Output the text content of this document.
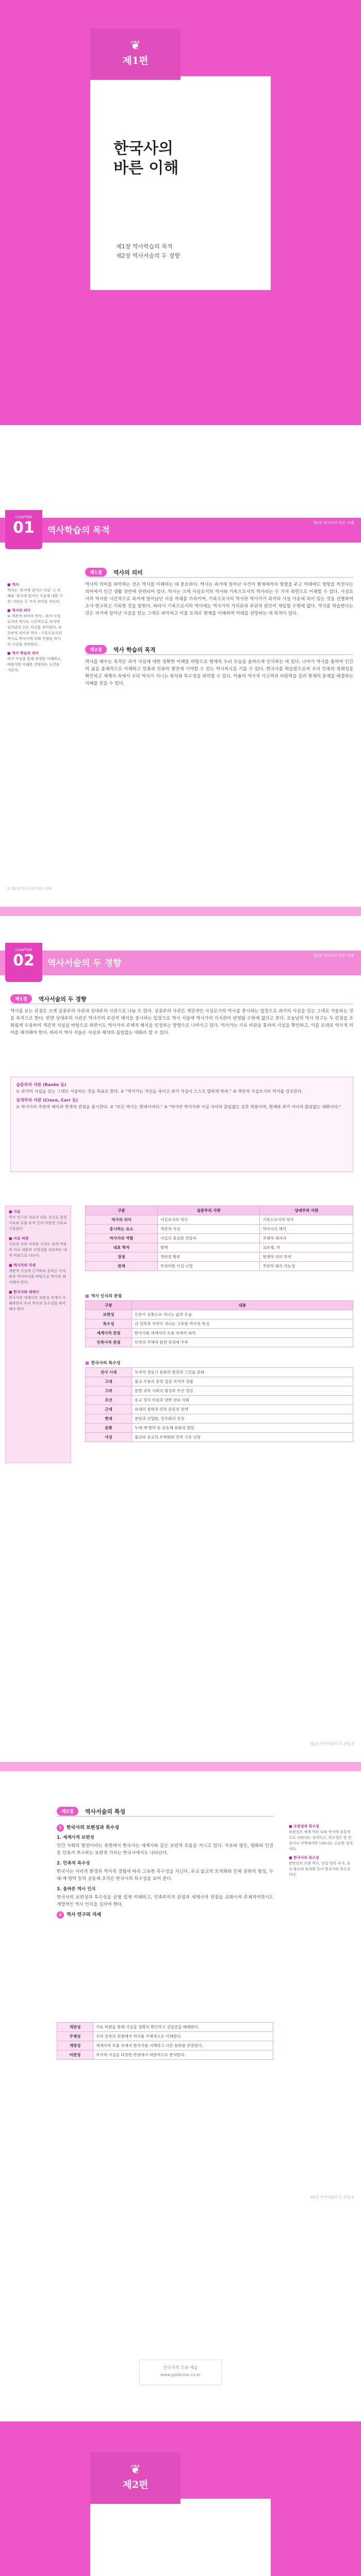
❦
제1편
한국사의
바른 이해
제1장 역사학습의 목적
제2장 역사서술의 두 경향
CHAPTER
01	역사학습의 목적
제1편 한국사의 바른 이해
■ 역사
역사는 '과거에 일어난 사실' 그 자체와 '과거에 일어난 사실에 대한 기록' 이라는 두 가지 의미를 지닌다.
■ 역사의 의미
① 객관적 의미의 역사 : 과거 사실로서의 역사로 시간적으로 과거에 일어났던 모든 사건을 의미한다. ② 주관적 의미의 역사 : 기록으로서의 역사로 역사가에 의해 선정된 과거의 사건을 의미한다.
■ 역사 학습의 의미
과거 사실을 통해 현재를 이해하고, 바람직한 미래를 전망하는 능력을 기른다.
제1절 역사의 의미

역사의 의미를 파악하는 것은 역사를 이해하는 데 중요하다. 역사는 과거에 일어난 사건이 현재에까지 영향을 주고 미래에도 영향을 끼친다는 의미에서 인간 생활 전반에 관련되어 있다. 역사는 크게 사실로서의 역사와 기록으로서의 역사라는 두 가지 측면으로 이해할 수 있다. 사실로서의 역사란 시간적으로 과거에 일어났던 사실 자체를 가리키며, 기록으로서의 역사란 역사가가 과거의 사실 가운데 의미 있는 것을 선별하여 조사·연구하고 기록한 것을 말한다. 따라서 기록으로서의 역사에는 역사가의 가치관과 주관적 판단이 개입될 수밖에 없다. 역사를 학습한다는 것은 과거에 일어난 사실을 있는 그대로 파악하고 이를 토대로 현재를 이해하며 미래를 전망하는 데 목적이 있다.

제2절 역사 학습의 목적

역사를 배우는 목적은 과거 사실에 대한 정확한 이해를 바탕으로 현재의 우리 모습을 올바르게 인식하는 데 있다. 나아가 역사를 통하여 인간의 삶을 총체적으로 이해하고 민족과 인류의 발전에 기여할 수 있는 역사의식을 기를 수 있다. 한국사를 학습함으로써 우리 민족의 정체성을 확인하고 세계사 속에서 우리 역사가 지니는 위치와 특수성을 파악할 수 있다. 아울러 역사적 사고력과 비판력을 길러 현재의 문제를 해결하는 지혜를 얻을 수 있다.

2 제1편 한국사의 바른 이해
CHAPTER
02	역사서술의 두 경향
제1편 한국사의 바른 이해
제1절 역사서술의 두 경향

역사를 보는 관점은 크게 실증주의 사관과 상대주의 사관으로 나눌 수 있다. 실증주의 사관은 객관적인 사실로서의 역사를 중시하는 입장으로 과거의 사실을 있는 그대로 서술하는 것을 목적으로 한다. 반면 상대주의 사관은 역사가의 주관적 해석을 중시하는 입장으로 역사 서술에 역사가의 가치관이 반영될 수밖에 없다고 본다. 오늘날의 역사 연구는 두 관점을 조화롭게 수용하여 객관적 사실을 바탕으로 하면서도 역사가의 주체적 해석을 인정하는 방향으로 나아가고 있다. 역사가는 사료 비판을 통하여 사실을 확인하고, 이를 토대로 역사적 의미를 해석해야 한다. 따라서 역사 서술은 사실과 해석의 끊임없는 대화라 할 수 있다.

실증주의 사관 (Ranke 등)
① 과거의 사실을 있는 그대로 서술하는 것을 목표로 한다. ② "역사가는 자신을 죽이고 과거 사실이 스스로 말하게 하라." ③ 객관적 사실로서의 역사를 강조한다.
상대주의 사관 (Croce, Carr 등)
① 역사가의 주관적 해석과 현재적 관점을 중시한다. ② "모든 역사는 현대사이다." ③ "역사란 역사가와 사실 사이의 끊임없는 상호 작용이며, 현재와 과거 사이의 끊임없는 대화이다."
■ 사료
역사 연구의 자료가 되는 것으로 문헌 사료와 유물·유적 등의 비문헌 사료로 구분된다.
■ 사료 비판
사료의 진위 여부를 가리는 외적 비판과 사료 내용의 신빙성을 검토하는 내적 비판으로 나눈다.
■ 역사가의 자세
객관적 사실에 근거하되 올바른 가치관과 역사의식을 바탕으로 역사를 해석해야 한다.
■ 한국사와 세계사
한국사를 세계사의 보편성 속에서 이해하면서 우리 역사의 특수성을 파악해야 한다.
구분	실증주의 사관	상대주의 사관
역사의 의미	사실로서의 역사	기록으로서의 역사
중시하는 요소	객관적 사실	역사가의 해석
역사가의 역할	사실의 충실한 전달자	주체적 해석자
대표 학자	랑케	크로체, 카
장점	객관성 확보	현재적 의미 부여
한계	무의미한 사실 나열	주관적 왜곡 가능성
■ 역사 인식의 관점
구분	내용
보편성	인류가 공통으로 지니는 삶의 모습
특수성	각 민족과 지역이 지니는 고유한 역사적 특성
세계사적 관점	한국사를 세계사의 흐름 속에서 파악
민족사적 관점	민족의 주체적 발전 과정에 주목
■ 한국사의 특수성
선사 시대	독자적 청동기 문화의 발전과 고인돌 문화
고대	불교 수용과 중앙 집권 국가의 성립
고려	문벌 귀족 사회의 형성과 무신 정권
조선	유교 정치 이념과 양반 관료 사회
근대	외세의 침략과 민족 운동의 전개
현대	분단과 산업화, 민주화의 진전
문화	두레·계·향약 등 공동체 문화의 발달
사상	불교와 유교의 토착화와 민족 고유 신앙
제2장 역사서술의 두 경향 3
제2절 역사서술의 특성
1 한국사의 보편성과 특수성
1. 세계사적 보편성

인간 사회의 발전이라는 측면에서 한국사는 세계사와 같은 보편적 흐름을 지니고 있다. 자유와 평등, 평화와 인권 등 인류가 추구하는 보편적 가치는 한국사에서도 나타난다.

2. 민족적 특수성

한국사는 지리적 환경과 역사적 경험에 따라 고유한 특수성을 지닌다. 유교·불교의 토착화와 민족 문화의 형성, 두레·계·향약 등의 공동체 조직은 한국사의 특수성을 보여 준다.

3. 올바른 역사 인식

한국사의 보편성과 특수성을 균형 있게 이해하고, 민족주의적 관점과 세계사적 관점을 조화시켜 주체적이면서도 개방적인 역사 인식을 길러야 한다.

2 역사 연구의 자세
객관성	사료 비판을 통해 사실을 정확히 확인하고 선입견을 배제한다.
주체성	우리 민족의 관점에서 역사를 주체적으로 이해한다.
개방성	세계사의 흐름 속에서 한국사를 이해하고 다른 문화를 존중한다.
비판성	역사적 사실을 다양한 관점에서 비판적으로 분석한다.
■ 보편성과 특수성
보편성은 세계 여러 나라 역사에 공통적으로 나타나는 성격이고, 특수성은 한 민족이나 지역에서만 나타나는 고유한 성격이다.
■ 한국사의 특수성
반만년의 오랜 역사, 단일 민족 국가, 유교·불교의 토착화 등이 한국사의 특수성이다.
제2장 역사서술의 두 경향 5
한국사의 흐름 예습
www.goldnine.co.kr
❦
제2편
